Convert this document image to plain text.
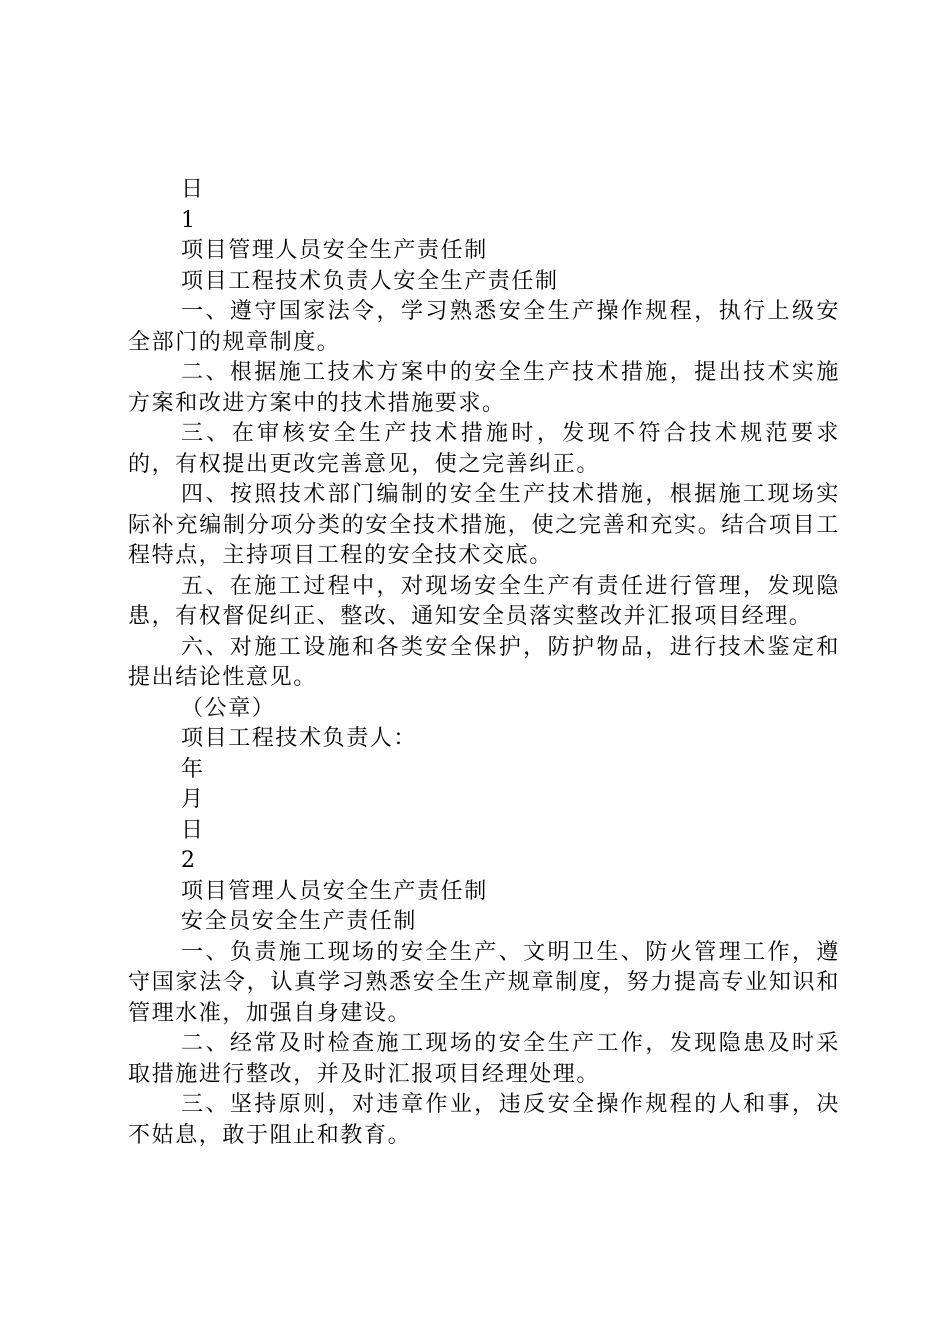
日
1
项目管理人员安全生产责任制
项目工程技术负责人安全生产责任制

一、遵守国家法令，学习熟悉安全生产操作规程，执行上级安全部门的规章制度。

二、根据施工技术方案中的安全生产技术措施，提出技术实施方案和改进方案中的技术措施要求。

三、在审核安全生产技术措施时，发现不符合技术规范要求的，有权提出更改完善意见，使之完善纠正。

四、按照技术部门编制的安全生产技术措施，根据施工现场实际补充编制分项分类的安全技术措施，使之完善和充实。结合项目工程特点，主持项目工程的安全技术交底。

五、在施工过程中，对现场安全生产有责任进行管理，发现隐患，有权督促纠正、整改、通知安全员落实整改并汇报项目经理。

六、对施工设施和各类安全保护，防护物品，进行技术鉴定和提出结论性意见。

（公章）
项目工程技术负责人：
年
月
日
2
项目管理人员安全生产责任制
安全员安全生产责任制

一、负责施工现场的安全生产、文明卫生、防火管理工作，遵守国家法令，认真学习熟悉安全生产规章制度，努力提高专业知识和管理水准，加强自身建设。

二、经常及时检查施工现场的安全生产工作，发现隐患及时采取措施进行整改，并及时汇报项目经理处理。

三、坚持原则，对违章作业，违反安全操作规程的人和事，决不姑息，敢于阻止和教育。
